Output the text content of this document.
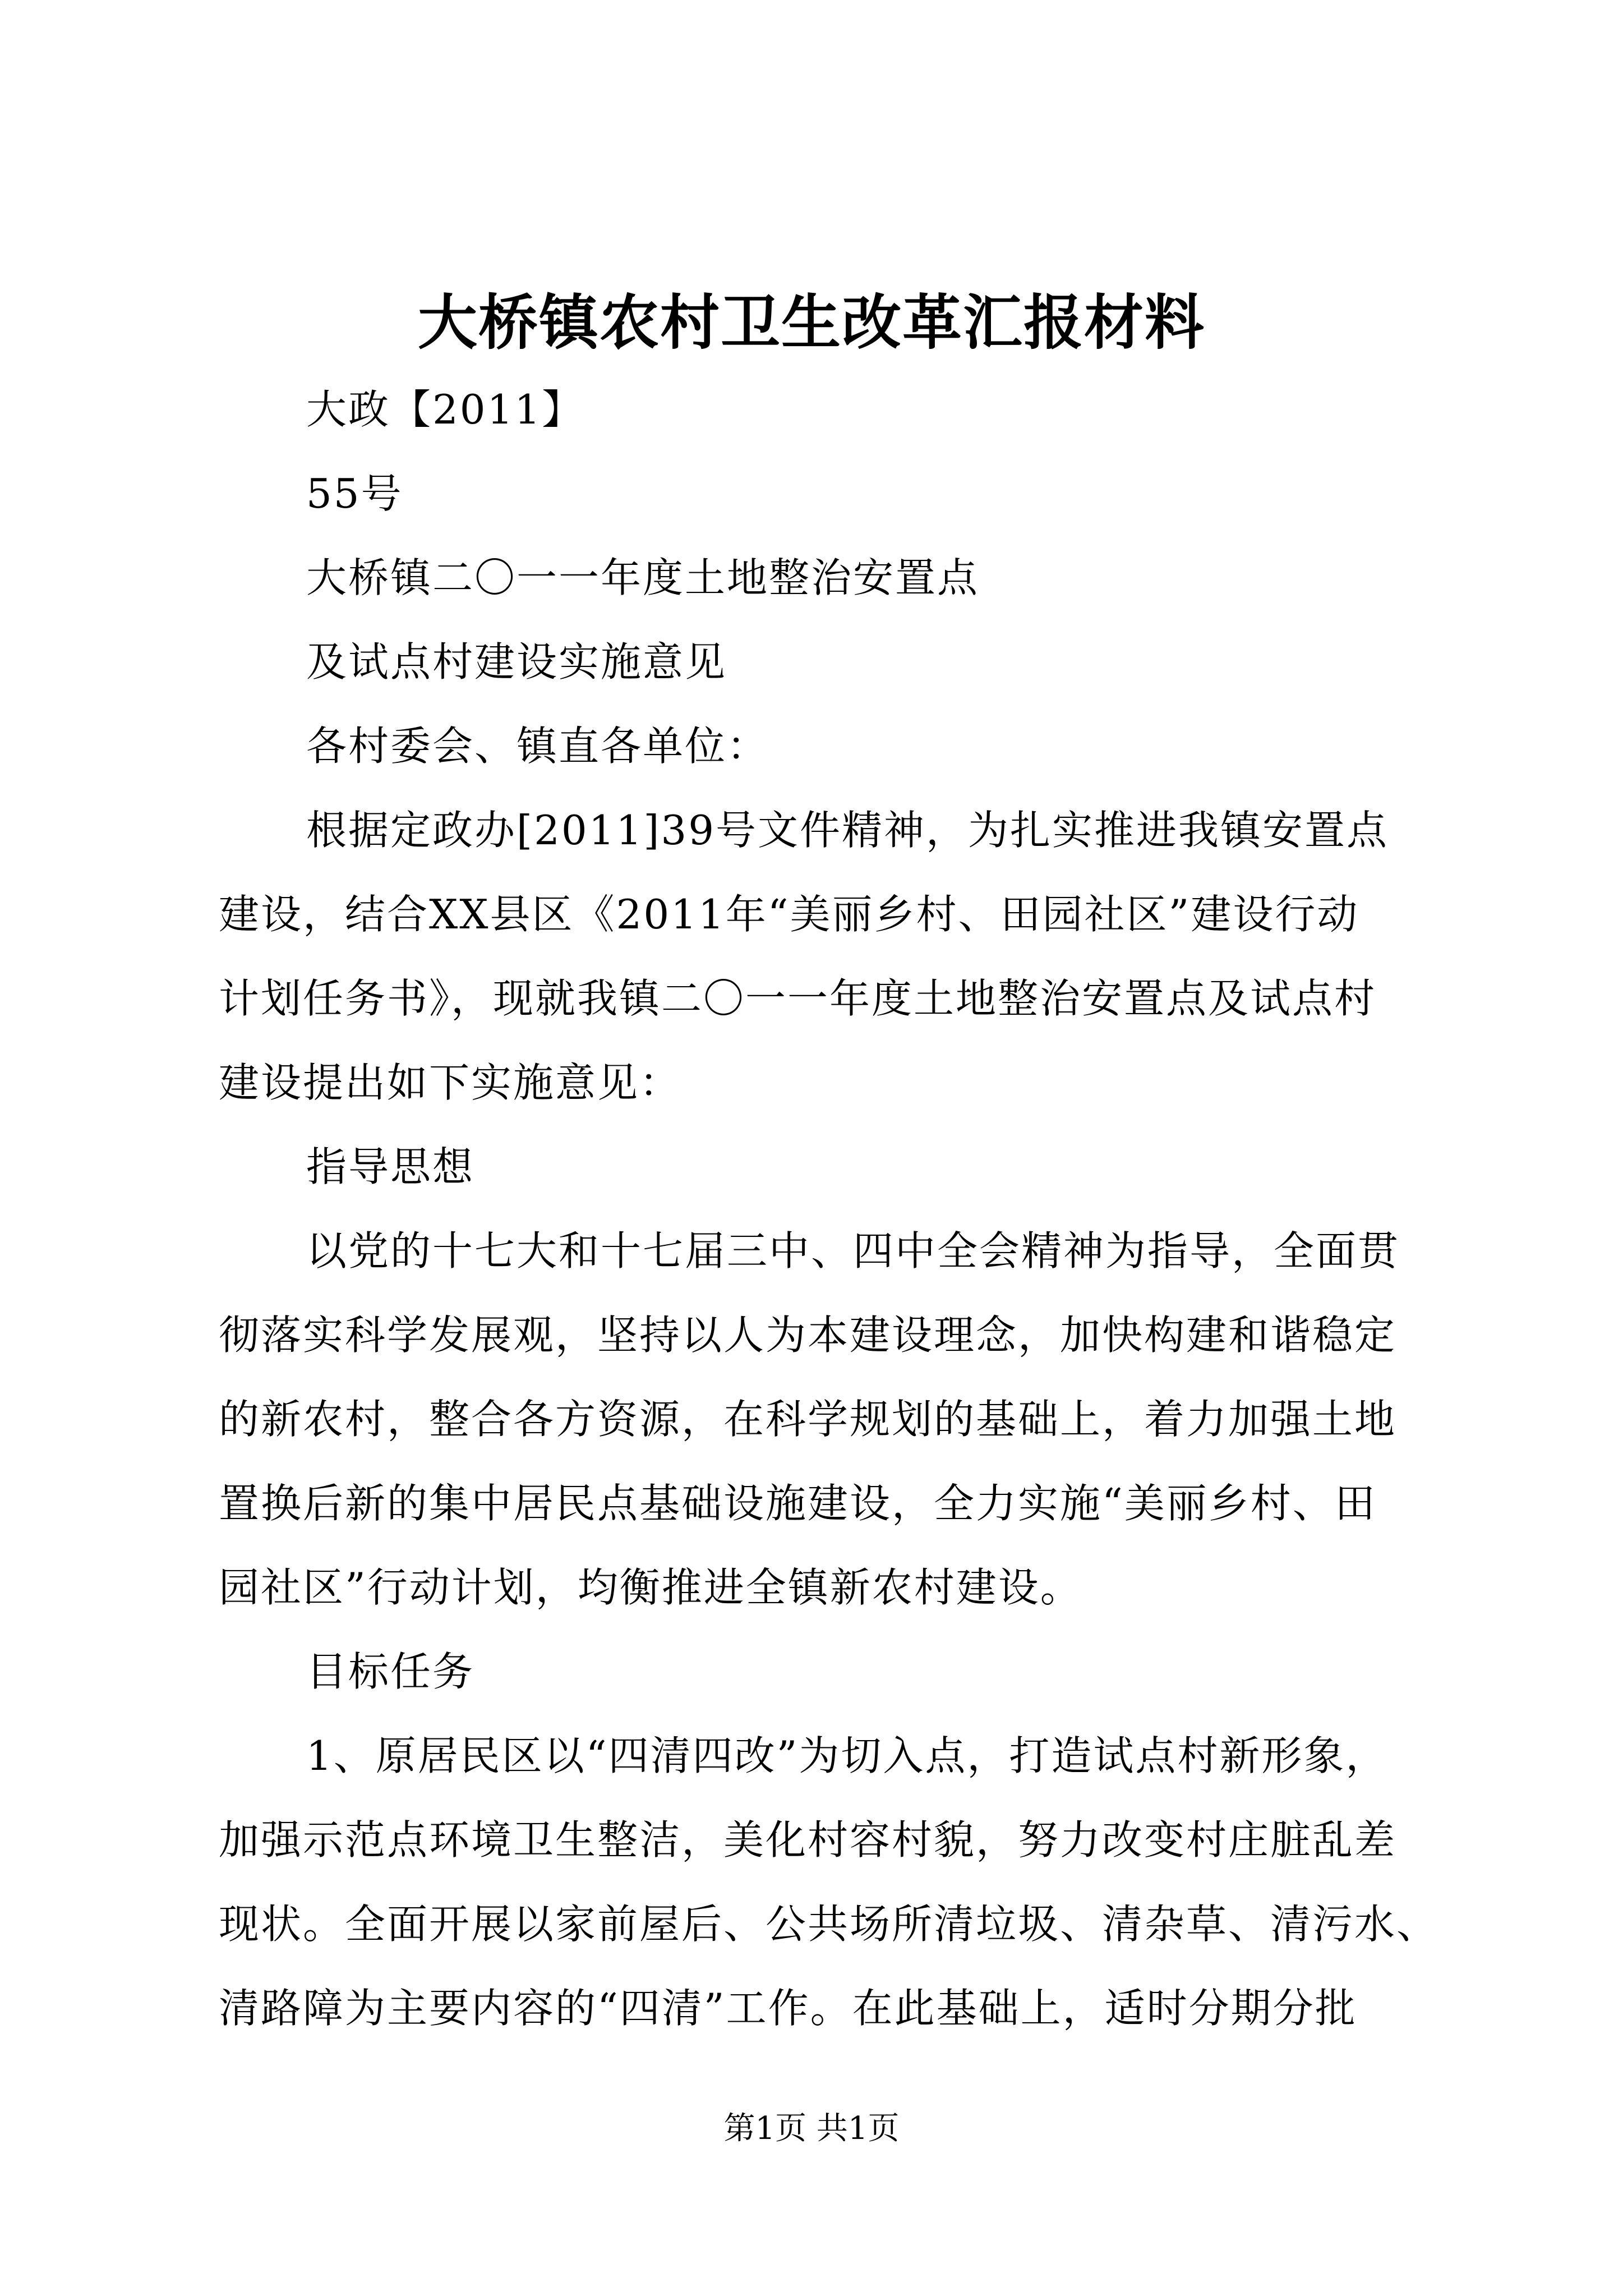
大桥镇农村卫生改革汇报材料
大政【2011】
55号
大桥镇二〇一一年度土地整治安置点
及试点村建设实施意见
各村委会、镇直各单位：
根据定政办[2011]39号文件精神，为扎实推进我镇安置点
建设，结合XX县区《2011年“美丽乡村、田园社区”建设行动
计划任务书》，现就我镇二〇一一年度土地整治安置点及试点村
建设提出如下实施意见：
指导思想
以党的十七大和十七届三中、四中全会精神为指导，全面贯
彻落实科学发展观，坚持以人为本建设理念，加快构建和谐稳定
的新农村，整合各方资源，在科学规划的基础上，着力加强土地
置换后新的集中居民点基础设施建设，全力实施“美丽乡村、田
园社区”行动计划，均衡推进全镇新农村建设。
目标任务
1、原居民区以“四清四改”为切入点，打造试点村新形象，
加强示范点环境卫生整洁，美化村容村貌，努力改变村庄脏乱差
现状。全面开展以家前屋后、公共场所清垃圾、清杂草、清污水、
清路障为主要内容的“四清”工作。在此基础上，适时分期分批
第1页 共1页
